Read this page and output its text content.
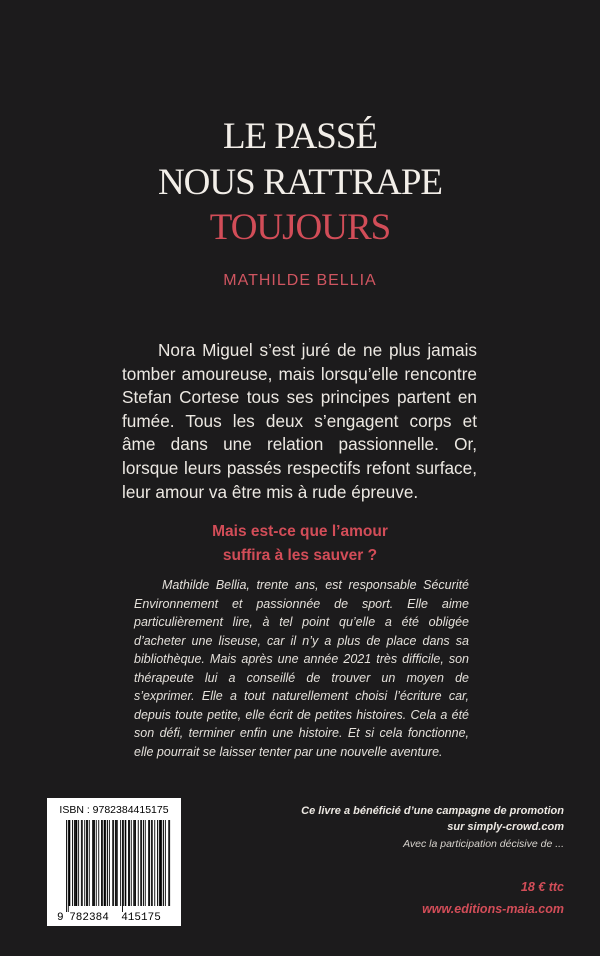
LE PASSÉ
NOUS RATTRAPE
TOUJOURS
MATHILDE BELLIA

Nora Miguel s’est juré de ne plus jamais tomber amoureuse, mais lorsqu’elle rencontre Stefan Cortese tous ses principes partent en fumée. Tous les deux s’engagent corps et âme dans une relation passionnelle. Or, lorsque leurs passés respectifs refont surface, leur amour va être mis à rude épreuve.

Mais est-ce que l’amour
suffira à les sauver ?

Mathilde Bellia, trente ans, est responsable Sécurité Environnement et passionnée de sport. Elle aime particulièrement lire, à tel point qu’elle a été obligée d’acheter une liseuse, car il n’y a plus de place dans sa bibliothèque. Mais après une année 2021 très difficile, son thérapeute lui a conseillé de trouver un moyen de s’exprimer. Elle a tout naturellement choisi l’écriture car, depuis toute petite, elle écrit de petites histoires. Cela a été son défi, terminer enfin une histoire. Et si cela fonctionne, elle pourrait se laisser tenter par une nouvelle aventure.

ISBN : 9782384415175
9 782384 415175
Ce livre a bénéficié d’une campagne de promotion
sur simply-crowd.com
Avec la participation décisive de ...
18 € ttc
www.editions-maia.com
